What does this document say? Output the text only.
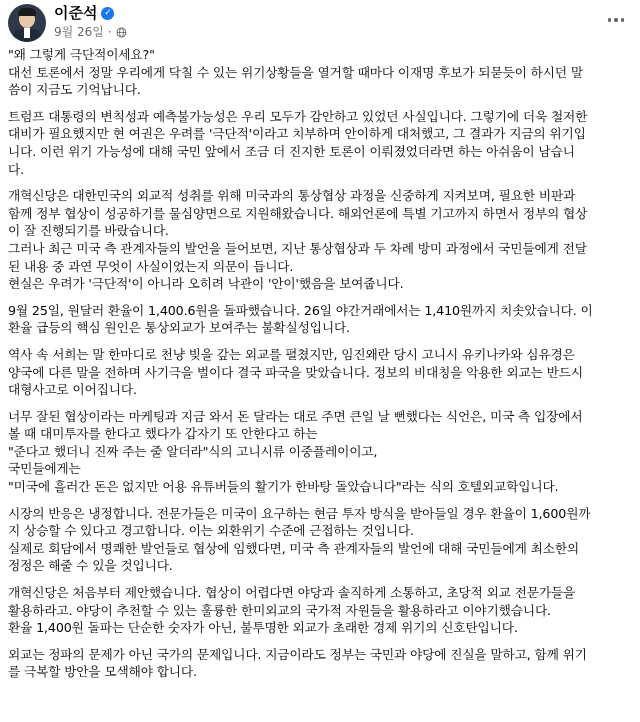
이준석 ✓
9월 26일 ·

"왜 그렇게 극단적이세요?"

대선 토론에서 정말 우리에게 닥칠 수 있는 위기상황들을 열거할 때마다 이재명 후보가 되묻듯이 하시던 말

씀이 지금도 기억납니다.

트럼프 대통령의 변칙성과 예측불가능성은 우리 모두가 감안하고 있었던 사실입니다. 그렇기에 더욱 철저한

대비가 필요했지만 현 여권은 우려를 '극단적'이라고 치부하며 안이하게 대처했고, 그 결과가 지금의 위기입

니다. 이런 위기 가능성에 대해 국민 앞에서 조금 더 진지한 토론이 이뤄졌었더라면 하는 아쉬움이 남습니

다.

개혁신당은 대한민국의 외교적 성취를 위해 미국과의 통상협상 과정을 신중하게 지켜보며, 필요한 비판과

함께 정부 협상이 성공하기를 물심양면으로 지원해왔습니다. 해외언론에 특별 기고까지 하면서 정부의 협상

이 잘 진행되기를 바랐습니다.

그러나 최근 미국 측 관계자들의 발언을 들어보면, 지난 통상협상과 두 차례 방미 과정에서 국민들에게 전달

된 내용 중 과연 무엇이 사실이었는지 의문이 듭니다.

현실은 우려가 '극단적'이 아니라 오히려 낙관이 '안이'했음을 보여줍니다.

9월 25일, 원달러 환율이 1,400.6원을 돌파했습니다. 26일 야간거래에서는 1,410원까지 치솟았습니다. 이

환율 급등의 핵심 원인은 통상외교가 보여주는 불확실성입니다.

역사 속 서희는 말 한마디로 천냥 빚을 갚는 외교를 펼쳤지만, 임진왜란 당시 고니시 유키나카와 심유경은

양국에 다른 말을 전하며 사기극을 벌이다 결국 파국을 맞았습니다. 정보의 비대칭을 악용한 외교는 반드시

대형사고로 이어집니다.

너무 잘된 협상이라는 마케팅과 지금 와서 돈 달라는 대로 주면 큰일 날 뻔했다는 식언은, 미국 측 입장에서

볼 때 대미투자를 한다고 했다가 갑자기 또 안한다고 하는

"준다고 했더니 진짜 주는 줄 알더라"식의 고니시류 이중플레이이고,

국민들에게는

"미국에 흘러간 돈은 없지만 어용 유튜버들의 활기가 한바탕 돌았습니다"라는 식의 호텔외교학입니다.

시장의 반응은 냉정합니다. 전문가들은 미국이 요구하는 현금 투자 방식을 받아들일 경우 환율이 1,600원까

지 상승할 수 있다고 경고합니다. 이는 외환위기 수준에 근접하는 것입니다.

실제로 회담에서 명쾌한 발언들로 협상에 임했다면, 미국 측 관계자들의 발언에 대해 국민들에게 최소한의

정정은 해줄 수 있을 것입니다.

개혁신당은 처음부터 제안했습니다. 협상이 어렵다면 야당과 솔직하게 소통하고, 초당적 외교 전문가들을

활용하라고. 야당이 추천할 수 있는 훌륭한 한미외교의 국가적 자원들을 활용하라고 이야기했습니다.

환율 1,400원 돌파는 단순한 숫자가 아닌, 불투명한 외교가 초래한 경제 위기의 신호탄입니다.

외교는 정파의 문제가 아닌 국가의 문제입니다. 지금이라도 정부는 국민과 야당에 진실을 말하고, 함께 위기

를 극복할 방안을 모색해야 합니다.
